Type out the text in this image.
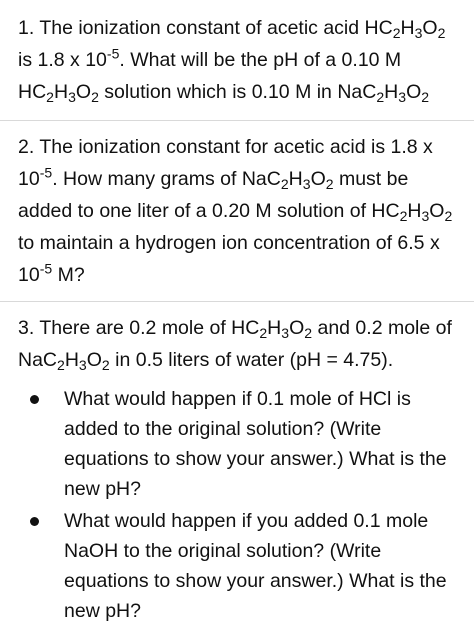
1. The ionization constant of acetic acid $HC_2H_3O_2$ is 1.8 x $10^{-5}$. What will be the pH of a 0.10 M $HC_2H_3O_2$ solution which is 0.10 M in $NaC_2H_3O_2$
2. The ionization constant for acetic acid is 1.8 x $10^{-5}$. How many grams of $NaC_2H_3O_2$ must be added to one liter of a 0.20 M solution of $HC_2H_3O_2$ to maintain a hydrogen ion concentration of 6.5 x $10^{-5}$ M?
3. There are 0.2 mole of $HC_2H_3O_2$ and 0.2 mole of $NaC_2H_3O_2$ in 0.5 liters of water (pH = 4.75).
What would happen if 0.1 mole of HCl is added to the original solution? (Write equations to show your answer.) What is the new pH?
What would happen if you added 0.1 mole NaOH to the original solution? (Write equations to show your answer.) What is the new pH?
